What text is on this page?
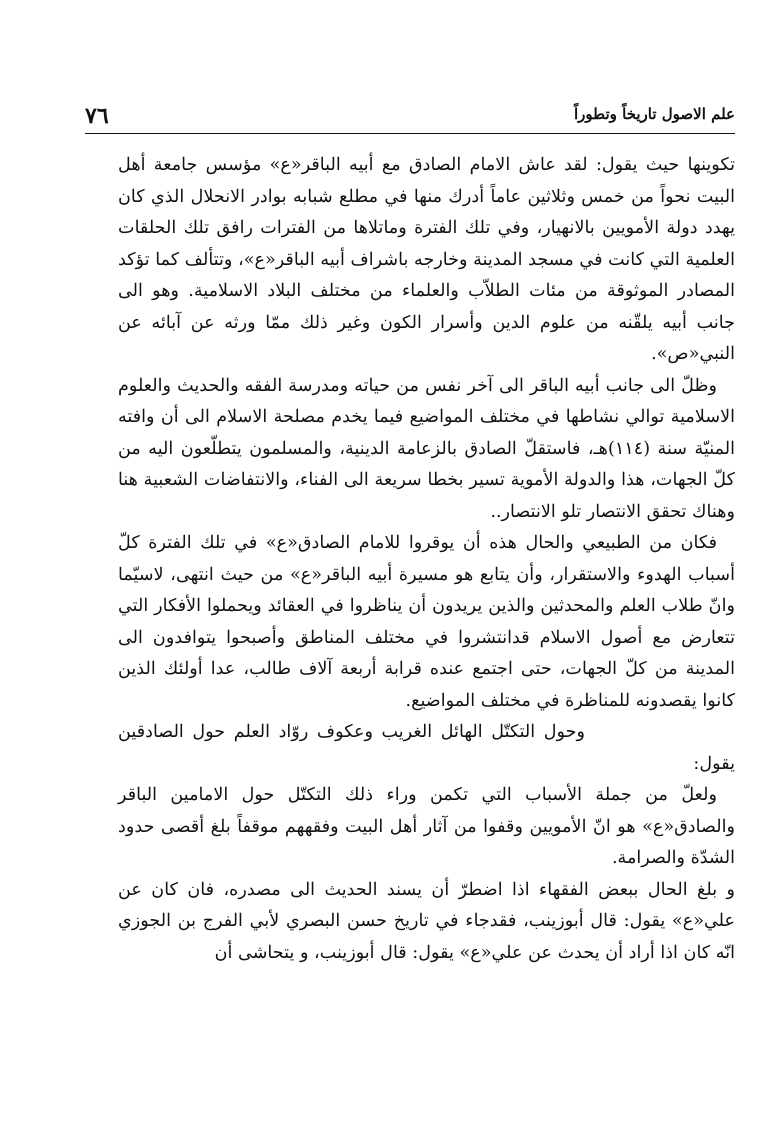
٧٦	علم الاصول تاريخاً وتطوراً

تكوينها حيث يقول: لقد عاش الامام الصادق مع أبيه الباقر«ع» مؤسس جامعة أهل البيت نحواً من خمس وثلاثين عاماً أدرك منها في مطلع شبابه بوادر الانحلال الذي كان يهدد دولة الأمويين بالانهيار، وفي تلك الفترة وماتلاها من الفترات رافق تلك الحلقات العلمية التي كانت في مسجد المدينة وخارجه باشراف أبيه الباقر«ع»، وتتألف كما تؤكد المصادر الموثوقة من مئات الطلاّب والعلماء من مختلف البلاد الاسلامية. وهو الى جانب أبيه يلقّنه من علوم الدين وأسرار الكون وغير ذلك ممّا ورثه عن آبائه عن النبي«ص».

وظلّ الى جانب أبيه الباقر الى آخر نفس من حياته ومدرسة الفقه والحديث والعلوم الاسلامية توالي نشاطها في مختلف المواضيع فيما يخدم مصلحة الاسلام الى أن وافته المنيّة سنة (١١٤)هـ، فاستقلّ الصادق بالزعامة الدينية، والمسلمون يتطلّعون اليه من كلّ الجهات، هذا والدولة الأموية تسير بخطا سريعة الى الفناء، والانتفاضات الشعبية هنا وهناك تحقق الانتصار تلو الانتصار..

فكان من الطبيعي والحال هذه أن يوقروا للامام الصادق«ع» في تلك الفترة كلّ أسباب الهدوء والاستقرار، وأن يتابع هو مسيرة أبيه الباقر«ع» من حيث انتهى، لاسيّما وانّ طلاب العلم والمحدثين والذين يريدون أن يناظروا في العقائد ويحملوا الأفكار التي تتعارض مع أصول الاسلام قدانتشروا في مختلف المناطق وأصبحوا يتوافدون الى المدينة من كلّ الجهات، حتى اجتمع عنده قرابة أربعة آلاف طالب، عدا أولئك الذين كانوا يقصدونه للمناظرة في مختلف المواضيع.

وحول التكتّل الهائل الغريب وعكوف روّاد العلم حول الصادقين يقول:

ولعلّ من جملة الأسباب التي تكمن وراء ذلك التكتّل حول الامامين الباقر والصادق«ع» هو انّ الأمويين وقفوا من آثار أهل البيت وفقههم موقفاً بلغ أقصى حدود الشدّة والصرامة.

و بلغ الحال ببعض الفقهاء اذا اضطرّ أن يسند الحديث الى مصدره، فان كان عن علي«ع» يقول: قال أبوزينب، فقدجاء في تاريخ حسن البصري لأبي الفرج بن الجوزي انّه كان اذا أراد أن يحدث عن علي«ع» يقول: قال أبوزينب، و يتحاشى أن
